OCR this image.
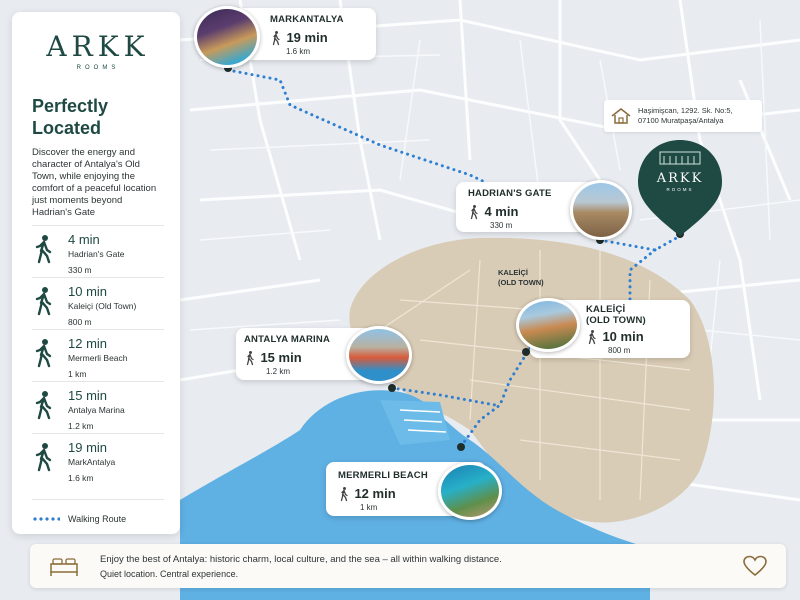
ARKK
ROOMS
KALEİÇİ
(OLD TOWN)
Haşimişcan, 1292. Sk. No:5,
07100 Muratpaşa/Antalya
ARKK
ROOMS
Perfectly Located
Discover the energy and character of Antalya's Old Town, while enjoying the comfort of a peaceful location just moments beyond Hadrian's Gate
4 min
Hadrian's Gate
330 m
10 min
Kaleiçi (Old Town)
800 m
12 min
Mermerli Beach
1 km
15 min
Antalya Marina
1.2 km
19 min
MarkAntalya
1.6 km
Walking Route
MARKANTALYA
19 min
1.6 km
HADRIAN'S GATE
4 min
330 m
KALEİÇİ
(OLD TOWN)
10 min
800 m
ANTALYA MARINA
15 min
1.2 km
MERMERLI BEACH
12 min
1 km
Enjoy the best of Antalya: historic charm, local culture, and the sea – all within walking distance.
Quiet location. Central experience.
